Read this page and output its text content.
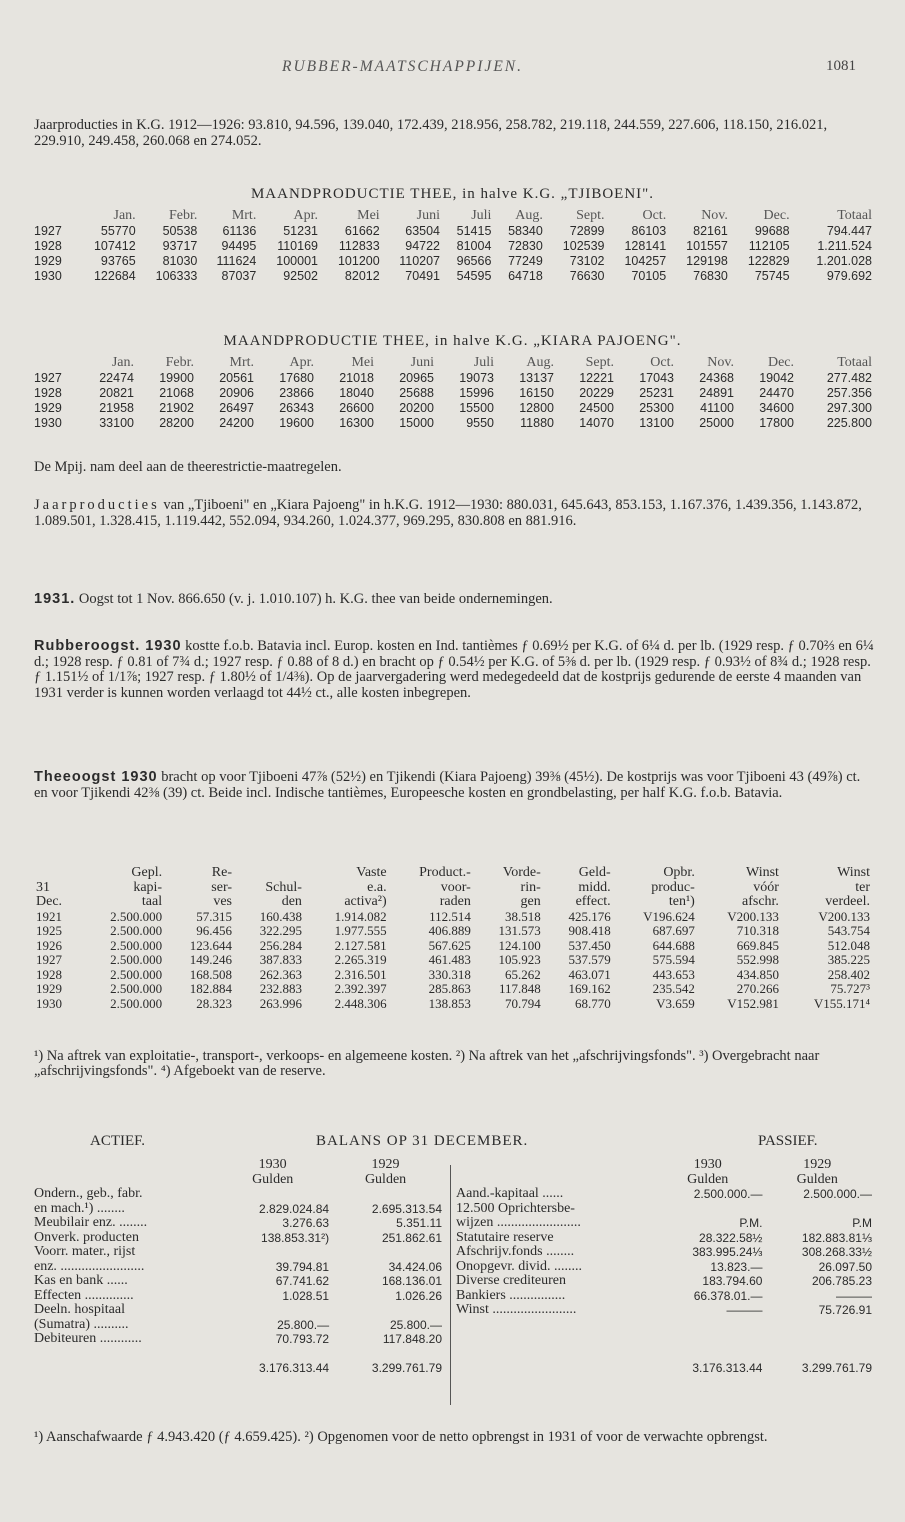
RUBBER-MAATSCHAPPIJEN.	1081

Jaarproducties in K.G. 1912—1926: 93.810, 94.596, 139.040, 172.439, 218.956, 258.782, 219.118, 244.559, 227.606, 118.150, 216.021, 229.910, 249.458, 260.068 en 274.052.

MAANDPRODUCTIE THEE, in halve K.G. „TJIBOENI".
	Jan.	Febr.	Mrt.	Apr.	Mei	Juni	Juli	Aug.	Sept.	Oct.	Nov.	Dec.	Totaal
1927	55770	50538	61136	51231	61662	63504	51415	58340	72899	86103	82161	99688	794.447
1928	107412	93717	94495	110169	112833	94722	81004	72830	102539	128141	101557	112105	1.211.524
1929	93765	81030	111624	100001	101200	110207	96566	77249	73102	104257	129198	122829	1.201.028
1930	122684	106333	87037	92502	82012	70491	54595	64718	76630	70105	76830	75745	979.692
MAANDPRODUCTIE THEE, in halve K.G. „KIARA PAJOENG".
	Jan.	Febr.	Mrt.	Apr.	Mei	Juni	Juli	Aug.	Sept.	Oct.	Nov.	Dec.	Totaal
1927	22474	19900	20561	17680	21018	20965	19073	13137	12221	17043	24368	19042	277.482
1928	20821	21068	20906	23866	18040	25688	15996	16150	20229	25231	24891	24470	257.356
1929	21958	21902	26497	26343	26600	20200	15500	12800	24500	25300	41100	34600	297.300
1930	33100	28200	24200	19600	16300	15000	9550	11880	14070	13100	25000	17800	225.800

De Mpij. nam deel aan de theerestrictie-maatregelen.

Jaarproducties van „Tjiboeni" en „Kiara Pajoeng" in h.K.G. 1912—1930: 880.031, 645.643, 853.153, 1.167.376, 1.439.356, 1.143.872, 1.089.501, 1.328.415, 1.119.442, 552.094, 934.260, 1.024.377, 969.295, 830.808 en 881.916.

1931. Oogst tot 1 Nov. 866.650 (v. j. 1.010.107) h. K.G. thee van beide ondernemingen.

Rubberoogst. 1930 kostte f.o.b. Batavia incl. Europ. kosten en Ind. tantièmes ƒ 0.69½ per K.G. of 6¼ d. per lb. (1929 resp. ƒ 0.70⅔ en 6¼ d.; 1928 resp. ƒ 0.81 of 7¾ d.; 1927 resp. ƒ 0.88 of 8 d.) en bracht op ƒ 0.54½ per K.G. of 5⅜ d. per lb. (1929 resp. ƒ 0.93½ of 8¾ d.; 1928 resp. ƒ 1.151½ of 1/1⅞; 1927 resp. ƒ 1.80½ of 1/4⅜). Op de jaarvergadering werd medegedeeld dat de kostprijs gedurende de eerste 4 maanden van 1931 verder is kunnen worden verlaagd tot 44½ ct., alle kosten inbegrepen.

Theeoogst 1930 bracht op voor Tjiboeni 47⅞ (52½) en Tjikendi (Kiara Pajoeng) 39⅜ (45½). De kostprijs was voor Tjiboeni 43 (49⅞) ct. en voor Tjikendi 42⅜ (39) ct. Beide incl. Indische tantièmes, Europeesche kosten en grondbelasting, per half K.G. f.o.b. Batavia.

	Gepl.	Re-		Vaste	Product.-	Vorde-	Geld-	Opbr.	Winst	Winst
31	kapi-	ser-	Schul-	e.a.	voor-	rin-	midd.	produc-	vóór	ter
Dec.	taal	ves	den	activa²)	raden	gen	effect.	ten¹)	afschr.	verdeel.
1921	2.500.000	57.315	160.438	1.914.082	112.514	38.518	425.176	V196.624	V200.133	V200.133
1925	2.500.000	96.456	322.295	1.977.555	406.889	131.573	908.418	687.697	710.318	543.754
1926	2.500.000	123.644	256.284	2.127.581	567.625	124.100	537.450	644.688	669.845	512.048
1927	2.500.000	149.246	387.833	2.265.319	461.483	105.923	537.579	575.594	552.998	385.225
1928	2.500.000	168.508	262.363	2.316.501	330.318	65.262	463.071	443.653	434.850	258.402
1929	2.500.000	182.884	232.883	2.392.397	285.863	117.848	169.162	235.542	270.266	75.727³
1930	2.500.000	28.323	263.996	2.448.306	138.853	70.794	68.770	V3.659	V152.981	V155.171⁴

¹) Na aftrek van exploitatie-, transport-, verkoops- en algemeene kosten. ²) Na aftrek van het „afschrijvingsfonds". ³) Overgebracht naar „afschrijvingsfonds". ⁴) Afgeboekt van de reserve.

ACTIEF.	BALANS OP 31 DECEMBER.	PASSIEF.
	1930	1929
	Gulden	Gulden
Ondern., geb., fabr.		
en mach.¹) ........	2.829.024.84	2.695.313.54
Meubilair enz. ........	3.276.63	5.351.11
Onverk. producten	138.853.31²)	251.862.61
Voorr. mater., rijst		
enz. ........................	39.794.81	34.424.06
Kas en bank ......	67.741.62	168.136.01
Effecten ..............	1.028.51	1.026.26
Deeln. hospitaal		
(Sumatra) ..........	25.800.—	25.800.—
Debiteuren ............	70.793.72	117.848.20

	3.176.313.44	3.299.761.79
	1930	1929
	Gulden	Gulden
Aand.-kapitaal ......	2.500.000.—	2.500.000.—
12.500 Oprichtersbe-		
wijzen ........................	P.M.	P.M
Statutaire reserve	28.322.58½	182.883.81⅓
Afschrijv.fonds ........	383.995.24⅓	308.268.33½
Onopgevr. divid. ........	13.823.—	26.097.50
Diverse crediteuren	183.794.60	206.785.23
Bankiers ................	66.378.01.—	———
Winst ........................	———	75.726.91

	3.176.313.44	3.299.761.79

¹) Aanschafwaarde ƒ 4.943.420 (ƒ 4.659.425). ²) Opgenomen voor de netto opbrengst in 1931 of voor de verwachte opbrengst.
